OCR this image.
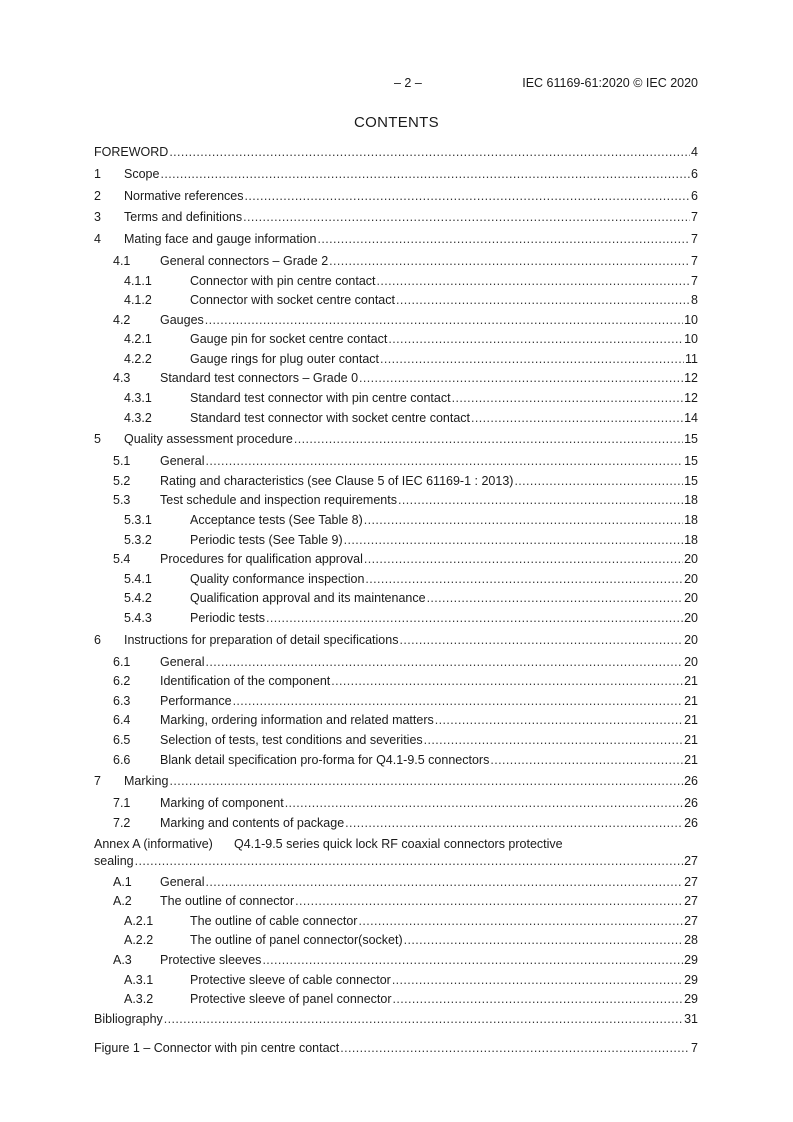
– 2 –	IEC 61169-61:2020 © IEC 2020
CONTENTS
FOREWORD .....	4
1	Scope .....	6
2	Normative references .....	6
3	Terms and definitions .....	7
4	Mating face and gauge information .....	7
4.1	General connectors – Grade 2 .....	7
4.1.1	Connector with pin centre contact .....	7
4.1.2	Connector with socket centre contact .....	8
4.2	Gauges .....	10
4.2.1	Gauge pin for socket centre contact .....	10
4.2.2	Gauge rings for plug outer contact .....	11
4.3	Standard test connectors – Grade 0 .....	12
4.3.1	Standard test connector with pin centre contact .....	12
4.3.2	Standard test connector with socket centre contact .....	14
5	Quality assessment procedure .....	15
5.1	General .....	15
5.2	Rating and characteristics (see Clause 5 of IEC 61169-1 : 2013) .....	15
5.3	Test schedule and inspection requirements .....	18
5.3.1	Acceptance tests (See Table 8) .....	18
5.3.2	Periodic tests (See Table 9) .....	18
5.4	Procedures for qualification approval .....	20
5.4.1	Quality conformance inspection .....	20
5.4.2	Qualification approval and its maintenance .....	20
5.4.3	Periodic tests .....	20
6	Instructions for preparation of detail specifications .....	20
6.1	General .....	20
6.2	Identification of the component .....	21
6.3	Performance .....	21
6.4	Marking, ordering information and related matters .....	21
6.5	Selection of tests, test conditions and severities .....	21
6.6	Blank detail specification pro-forma for Q4.1-9.5 connectors .....	21
7	Marking .....	26
7.1	Marking of component .....	26
7.2	Marking and contents of package .....	26
Annex A (informative) Q4.1-9.5 series quick lock RF coaxial connectors protective
sealing .....	27
A.1	General .....	27
A.2	The outline of connector .....	27
A.2.1	The outline of cable connector .....	27
A.2.2	The outline of panel connector(socket) .....	28
A.3	Protective sleeves .....	29
A.3.1	Protective sleeve of cable connector .....	29
A.3.2	Protective sleeve of panel connector .....	29
Bibliography .....	31
Figure 1 – Connector with pin centre contact .....	7
